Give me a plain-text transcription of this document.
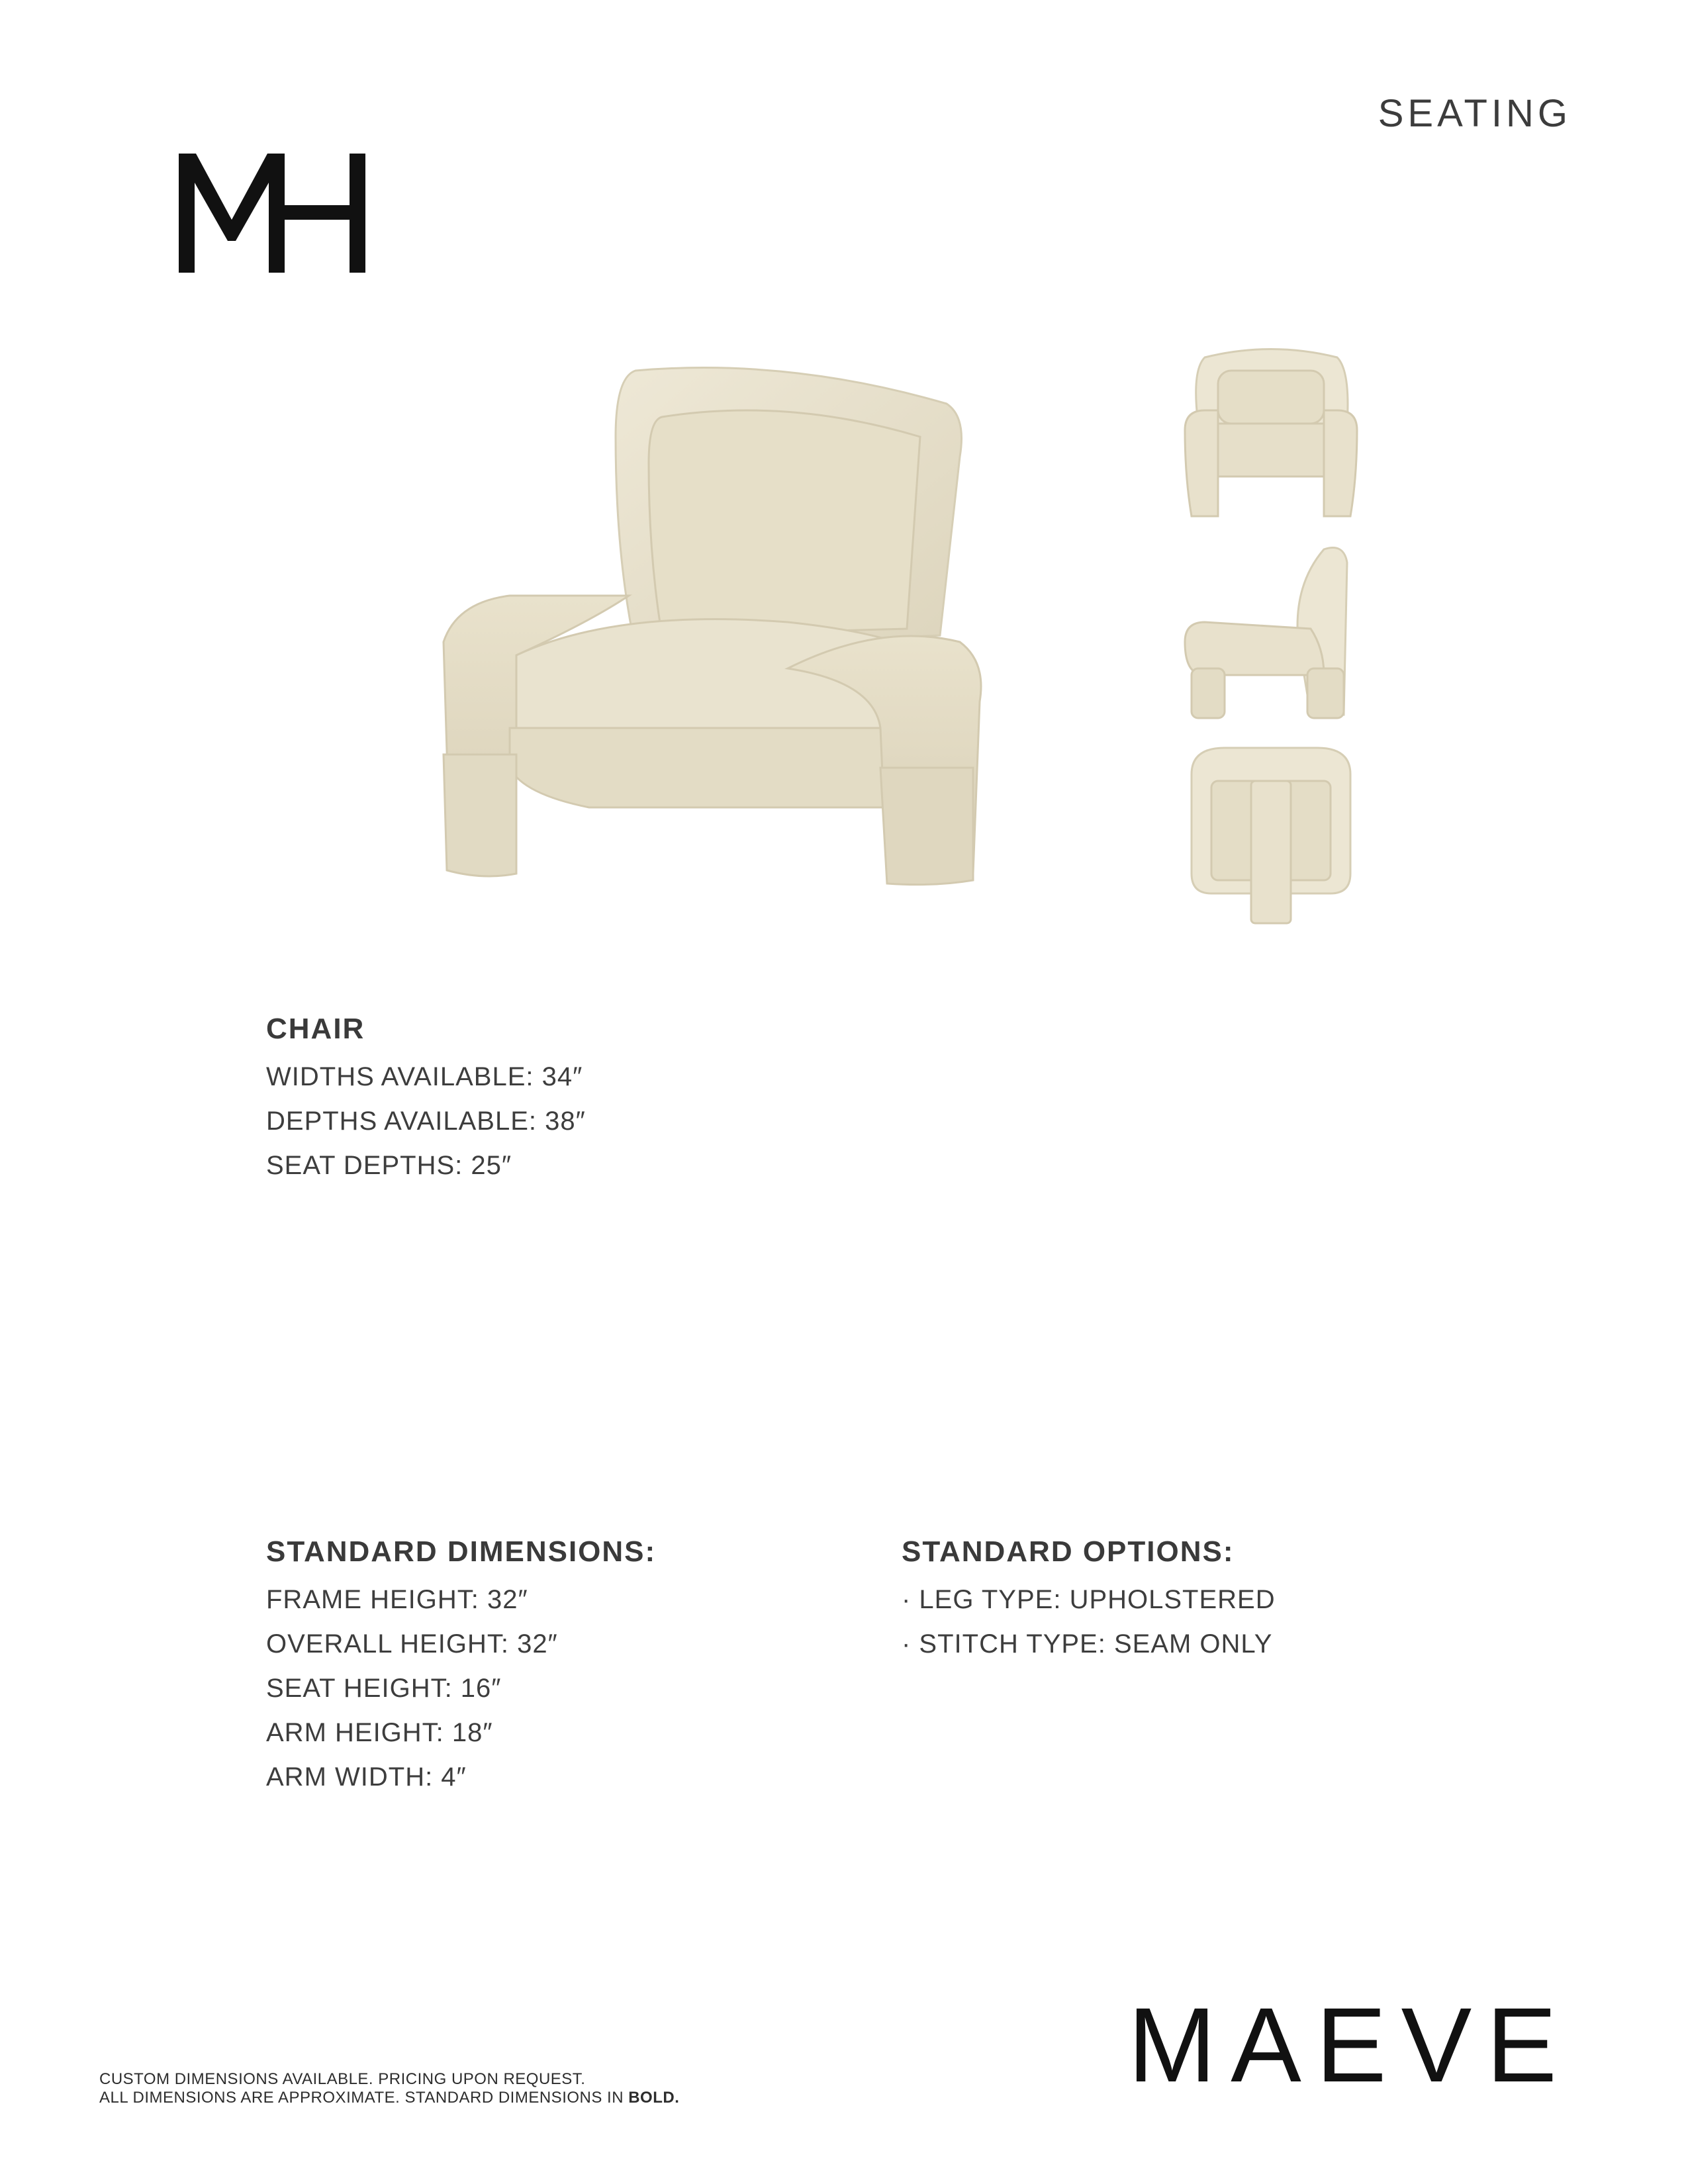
SEATING
CHAIR
WIDTHS AVAILABLE: 34″
DEPTHS AVAILABLE: 38″
SEAT DEPTHS: 25″
STANDARD DIMENSIONS:
FRAME HEIGHT: 32″
OVERALL HEIGHT: 32″
SEAT HEIGHT: 16″
ARM HEIGHT: 18″
ARM WIDTH: 4″
STANDARD OPTIONS:
· LEG TYPE: UPHOLSTERED
· STITCH TYPE: SEAM ONLY
MAEVE
CUSTOM DIMENSIONS AVAILABLE. PRICING UPON REQUEST.
ALL DIMENSIONS ARE APPROXIMATE. STANDARD DIMENSIONS IN BOLD.
